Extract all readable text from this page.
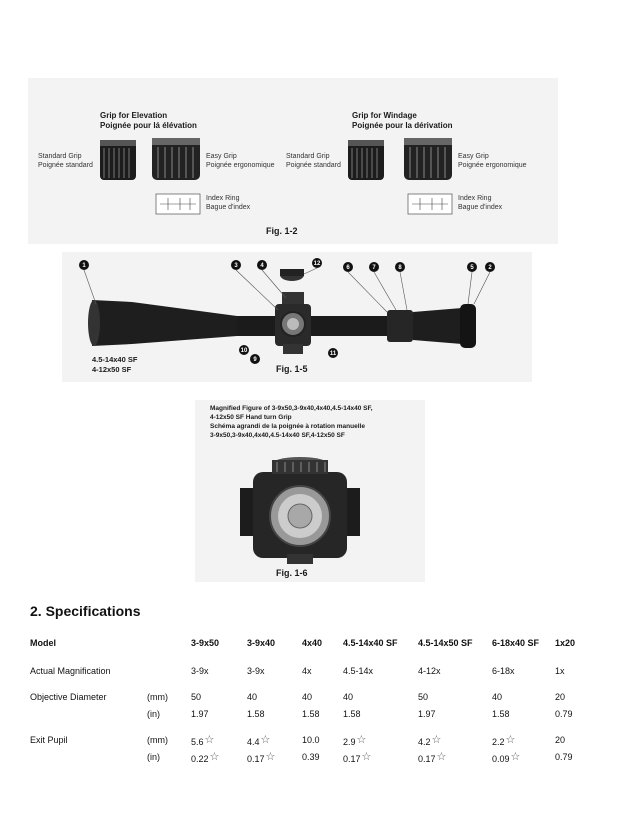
Grip for Elevation
Poignée pour lá élévation
Grip for Windage
Poignée pour la dérivation
Standard Grip
Poignée standard
Easy Grip
Poignée ergonomique
Index Ring
Bague d'index
Standard Grip
Poignée standard
Easy Grip
Poignée ergonomique
Index Ring
Bague d'index
Fig. 1-2
1	3	4	12
6	7	8	5 2
10
9
11
4.5-14x40 SF
4-12x50 SF	Fig. 1-5
Magnified Figure of 3-9x50,3-9x40,4x40,4.5-14x40 SF,
4-12x50 SF Hand turn Grip
Schéma agrandi de la poignée à rotation manuelle
3-9x50,3-9x40,4x40,4.5-14x40 SF,4-12x50 SF
Fig. 1-6
2. Specifications
Model		3-9x50	3-9x40	4x40	4.5-14x40 SF	4.5-14x50 SF	6-18x40 SF	1x20

Actual Magnification		3-9x	3-9x	4x	4.5-14x	4-12x	6-18x	1x

Objective Diameter	(mm)	50	40	40	40	50	40	20
	(in)	1.97	1.58	1.58	1.58	1.97	1.58	0.79

Exit Pupil	(mm)	5.6☆	4.4☆	10.0	2.9☆	4.2☆	2.2☆	20
	(in)	0.22☆	0.17☆	0.39	0.17☆	0.17☆	0.09☆	0.79
